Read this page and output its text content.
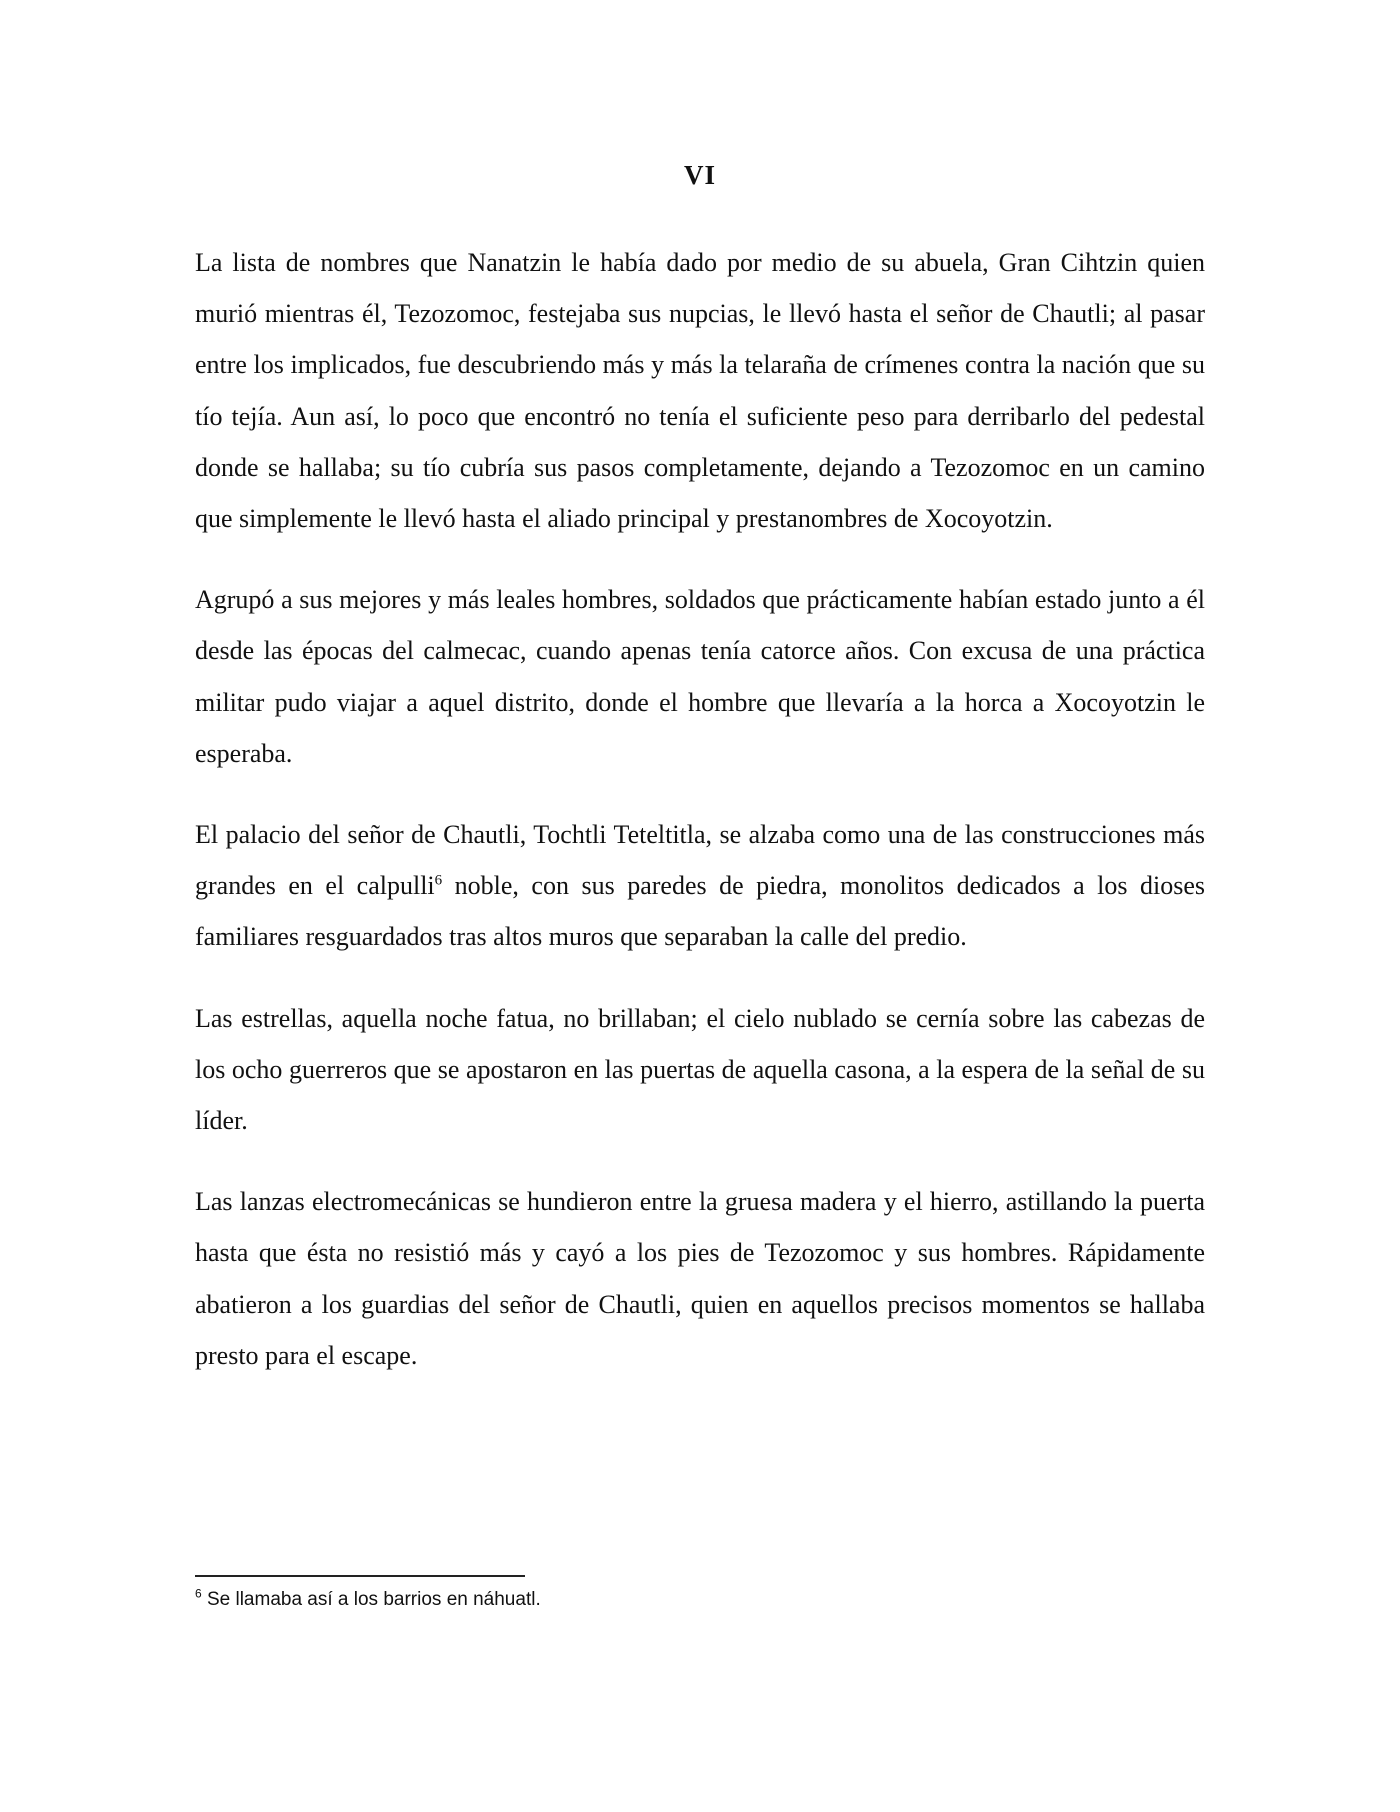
VI

La lista de nombres que Nanatzin le había dado por medio de su abuela, Gran Cihtzin quien murió mientras él, Tezozomoc, festejaba sus nupcias, le llevó hasta el señor de Chautli; al pasar entre los implicados, fue descubriendo más y más la telaraña de crímenes contra la nación que su tío tejía. Aun así, lo poco que encontró no tenía el suficiente peso para derribarlo del pedestal donde se hallaba; su tío cubría sus pasos completamente, dejando a Tezozomoc en un camino que simplemente le llevó hasta el aliado principal y prestanombres de Xocoyotzin.

Agrupó a sus mejores y más leales hombres, soldados que prácticamente habían estado junto a él desde las épocas del calmecac, cuando apenas tenía catorce años. Con excusa de una práctica militar pudo viajar a aquel distrito, donde el hombre que llevaría a la horca a Xocoyotzin le esperaba.

El palacio del señor de Chautli, Tochtli Teteltitla, se alzaba como una de las construcciones más grandes en el calpulli$^6$ noble, con sus paredes de piedra, monolitos dedicados a los dioses familiares resguardados tras altos muros que separaban la calle del predio.

Las estrellas, aquella noche fatua, no brillaban; el cielo nublado se cernía sobre las cabezas de los ocho guerreros que se apostaron en las puertas de aquella casona, a la espera de la señal de su líder.

Las lanzas electromecánicas se hundieron entre la gruesa madera y el hierro, astillando la puerta hasta que ésta no resistió más y cayó a los pies de Tezozomoc y sus hombres. Rápidamente abatieron a los guardias del señor de Chautli, quien en aquellos precisos momentos se hallaba presto para el escape.

$^6$ Se llamaba así a los barrios en náhuatl.
